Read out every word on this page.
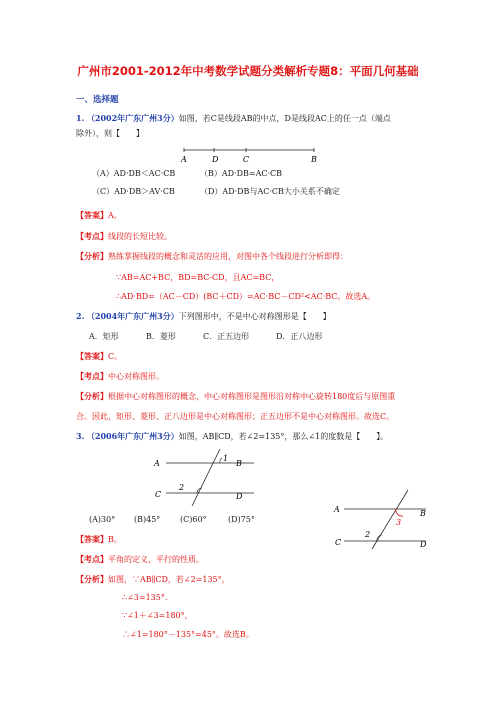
广州市2001-2012年中考数学试题分类解析专题8：平面几何基础
一、选择题
1. （2002年广东广州3分）如图，若C是线段AB的中点，D是线段AC上的任一点（端点
除外），则【　　】
A	D	C	B
（A）AD·DB＜AC·CB	（B）AD·DB=AC·CB
（C）AD·DB＞AV·CB	（D）AD·DB与AC·CB大小关系不确定
【答案】A。
【考点】线段的长短比较。
【分析】熟练掌握线段的概念和灵活的应用，对图中各个线段进行分析即得：
∵AB=AC+BC，BD=BC-CD，且AC=BC，
∴AD·BD=（AC－CD）(BC＋CD）=AC·BC－CD²<AC·BC。故选A。
2. （2004年广东广州3分）下列图形中，不是中心对称图形是【　　】
A．矩形	B．菱形	C．正五边形	D．正八边形
【答案】C。
【考点】中心对称图形。
【分析】根据中心对称图形的概念，中心对称图形是图形沿对称中心旋转180度后与原图重
合。因此，矩形、菱形、正八边形是中心对称图形；正五边形不是中心对称图形。故选C。
3. （2006年广东广州3分）如图，AB∥CD，若∠2=135°，那么∠1的度数是【　　】。
A	B
C	D
1
2
(A)30° (B)45° (C)60°	(D)75°
A	B
C	D
3
2
【答案】B。
【考点】平角的定义，平行的性质。
【分析】如图，∵AB∥CD，若∠2=135°，
∴∠3=135°．
∵∠1＋∠3=180°，
∴∠1=180°－135°=45°。故选B。
